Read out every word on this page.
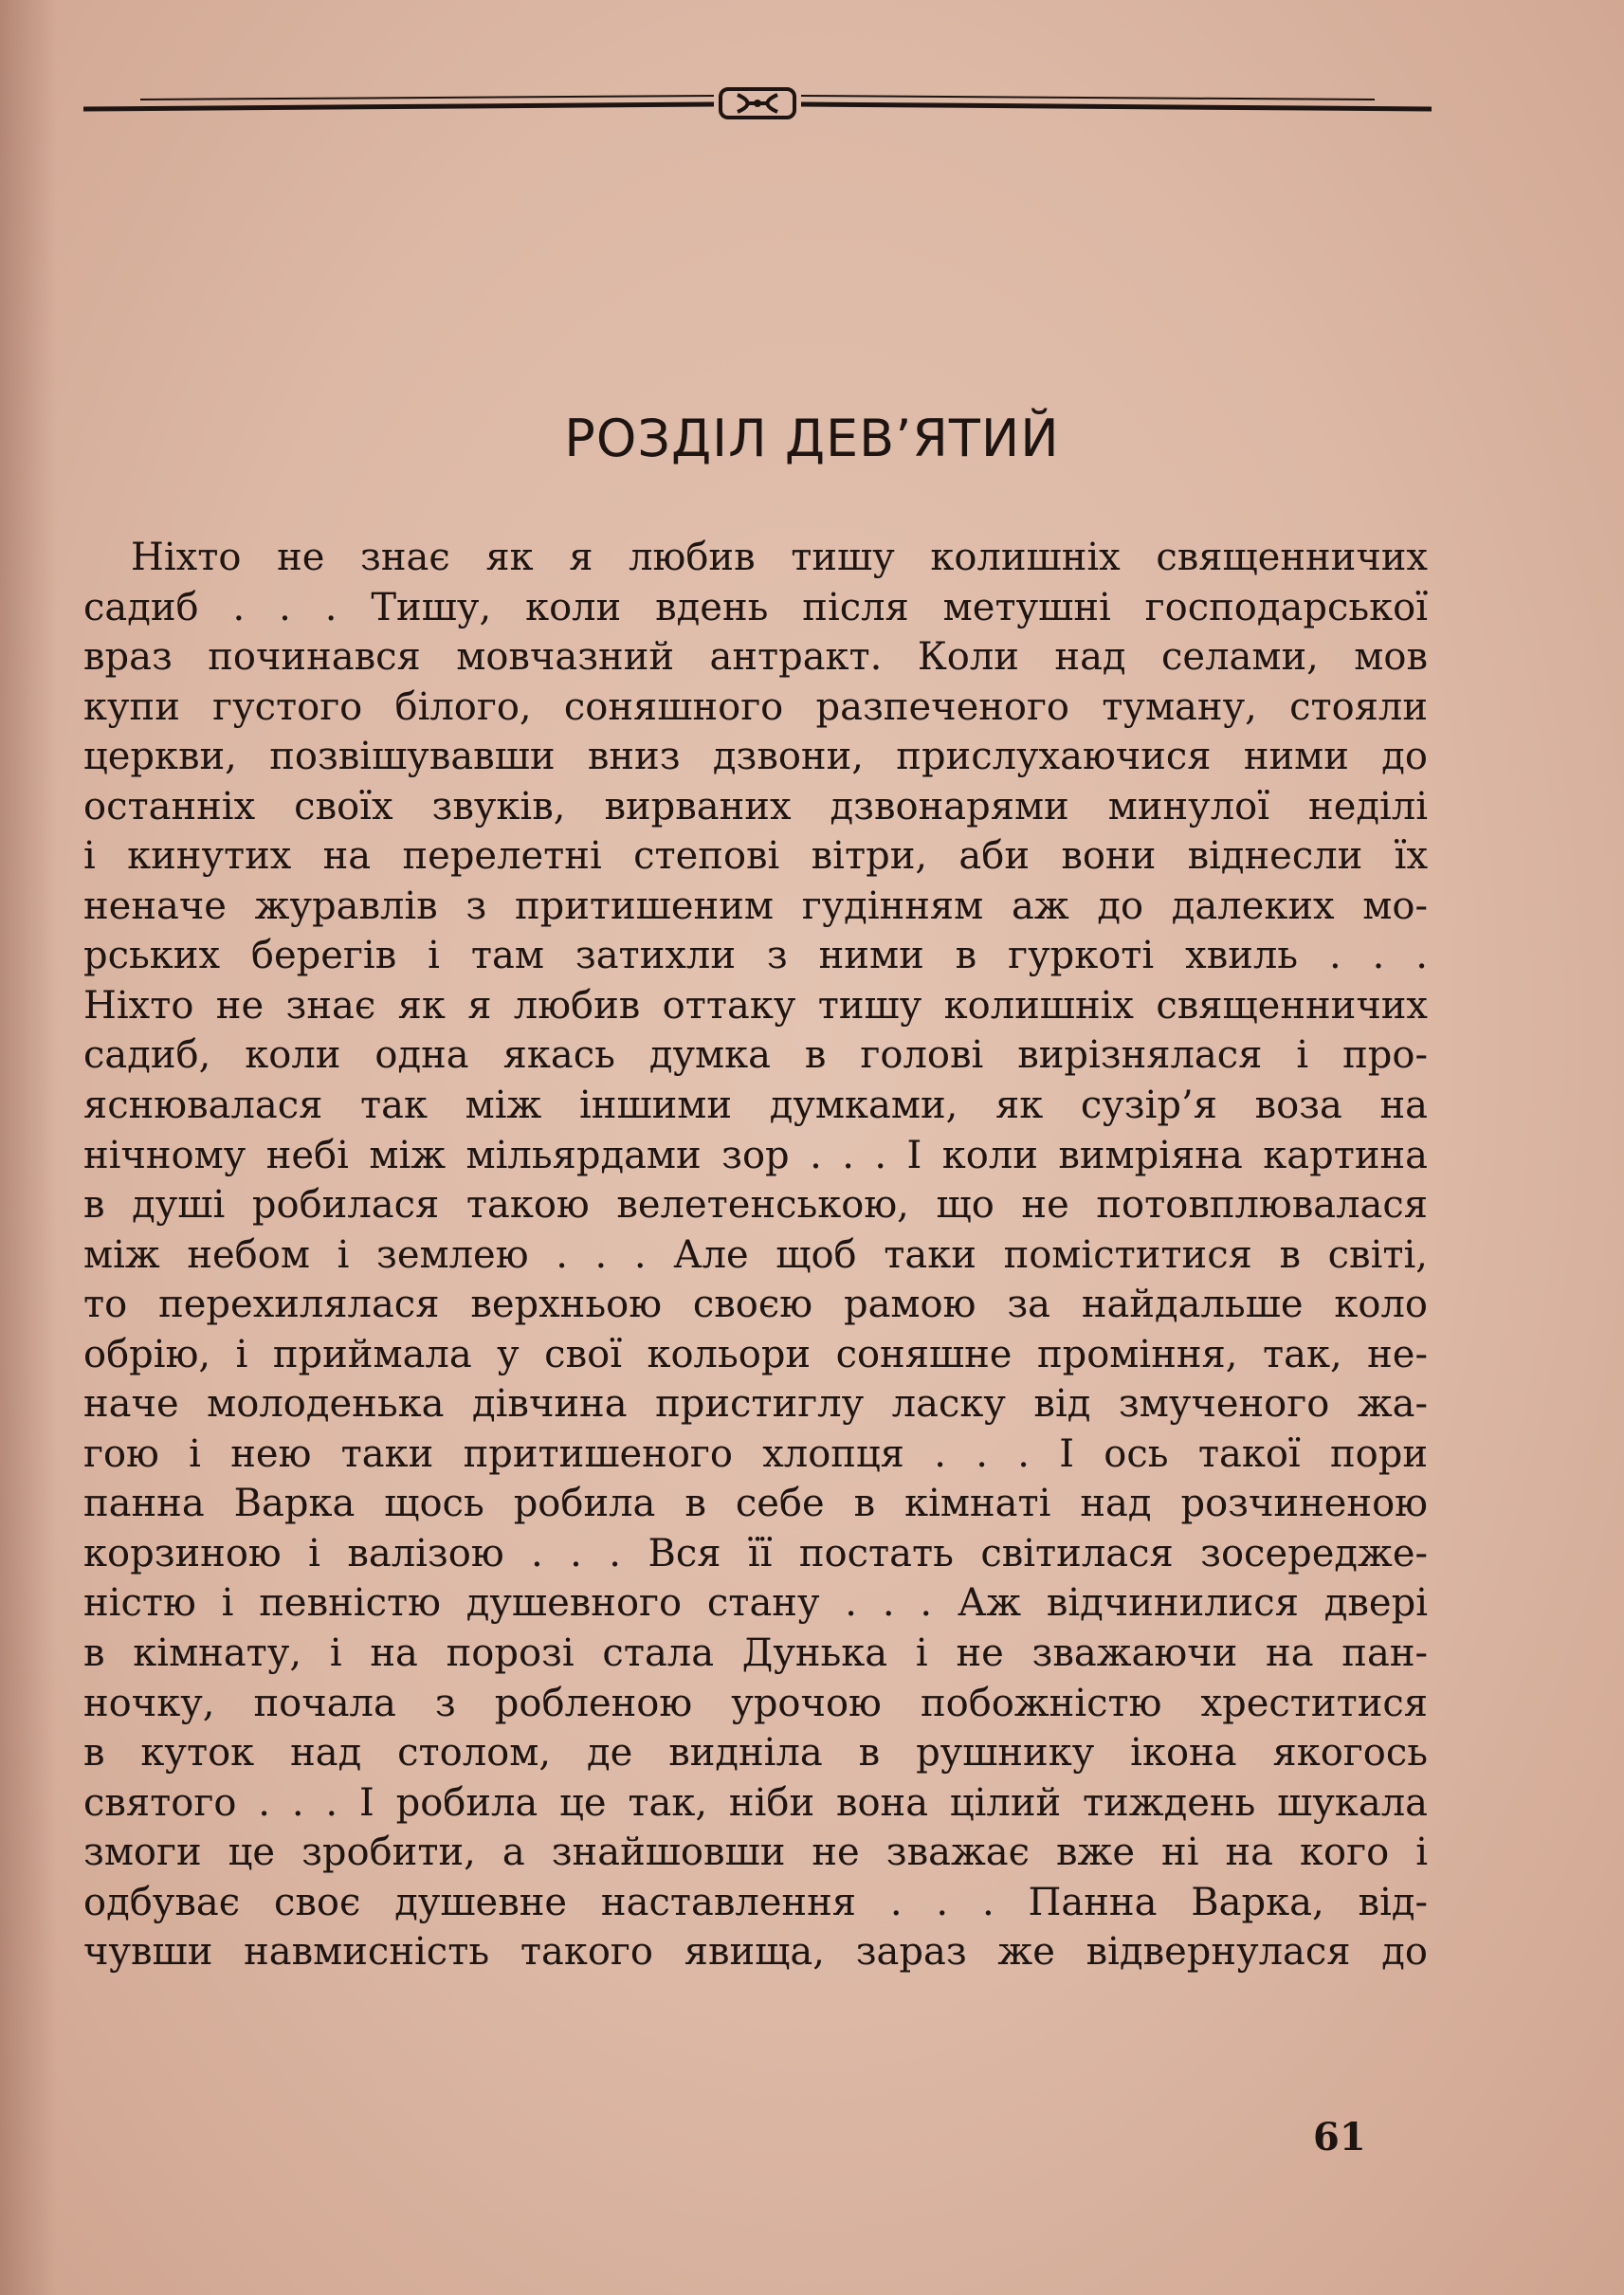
РОЗДІЛ ДЕВ’ЯТИЙ
Ніхто не знає як я любив тишу колишніх священничих
садиб . . . Тишу, коли вдень після метушні господарської
враз починався мовчазний антракт. Коли над селами, мов
купи густого білого, соняшного разпеченого туману, стояли
церкви, позвішувавши вниз дзвони, прислухаючися ними до
останніх своїх звуків, вирваних дзвонарями минулої неділі
і кинутих на перелетні степові вітри, аби вони віднесли їх
неначе журавлів з притишеним гудінням аж до далеких мо-
рських берегів і там затихли з ними в гуркоті хвиль . . .
Ніхто не знає як я любив оттаку тишу колишніх священничих
садиб, коли одна якась думка в голові вирізнялася і про-
яснювалася так між іншими думками, як сузір’я воза на
нічному небі між мільярдами зор . . . І коли вимріяна картина
в душі робилася такою велетенською, що не потовплювалася
між небом і землею . . . Але щоб таки поміститися в світі,
то перехилялася верхньою своєю рамою за найдальше коло
обрію, і приймала у свої кольори соняшне проміння, так, не-
наче молоденька дівчина пристиглу ласку від змученого жа-
гою і нею таки притишеного хлопця . . . І ось такої пори
панна Варка щось робила в себе в кімнаті над розчиненою
корзиною і валізою . . . Вся її постать світилася зосередже-
ністю і певністю душевного стану . . . Аж відчинилися двері
в кімнату, і на порозі стала Дунька і не зважаючи на пан-
ночку, почала з робленою урочою побожністю хреститися
в куток над столом, де виднілa в рушнику ікона якогось
святого . . . І робила це так, ніби вона цілий тиждень шукала
змоги це зробити, а знайшовши не зважає вже ні на кого і
одбуває своє душевне наставлення . . . Панна Варка, від-
чувши навмисність такого явища, зараз же відвернулася до
61
